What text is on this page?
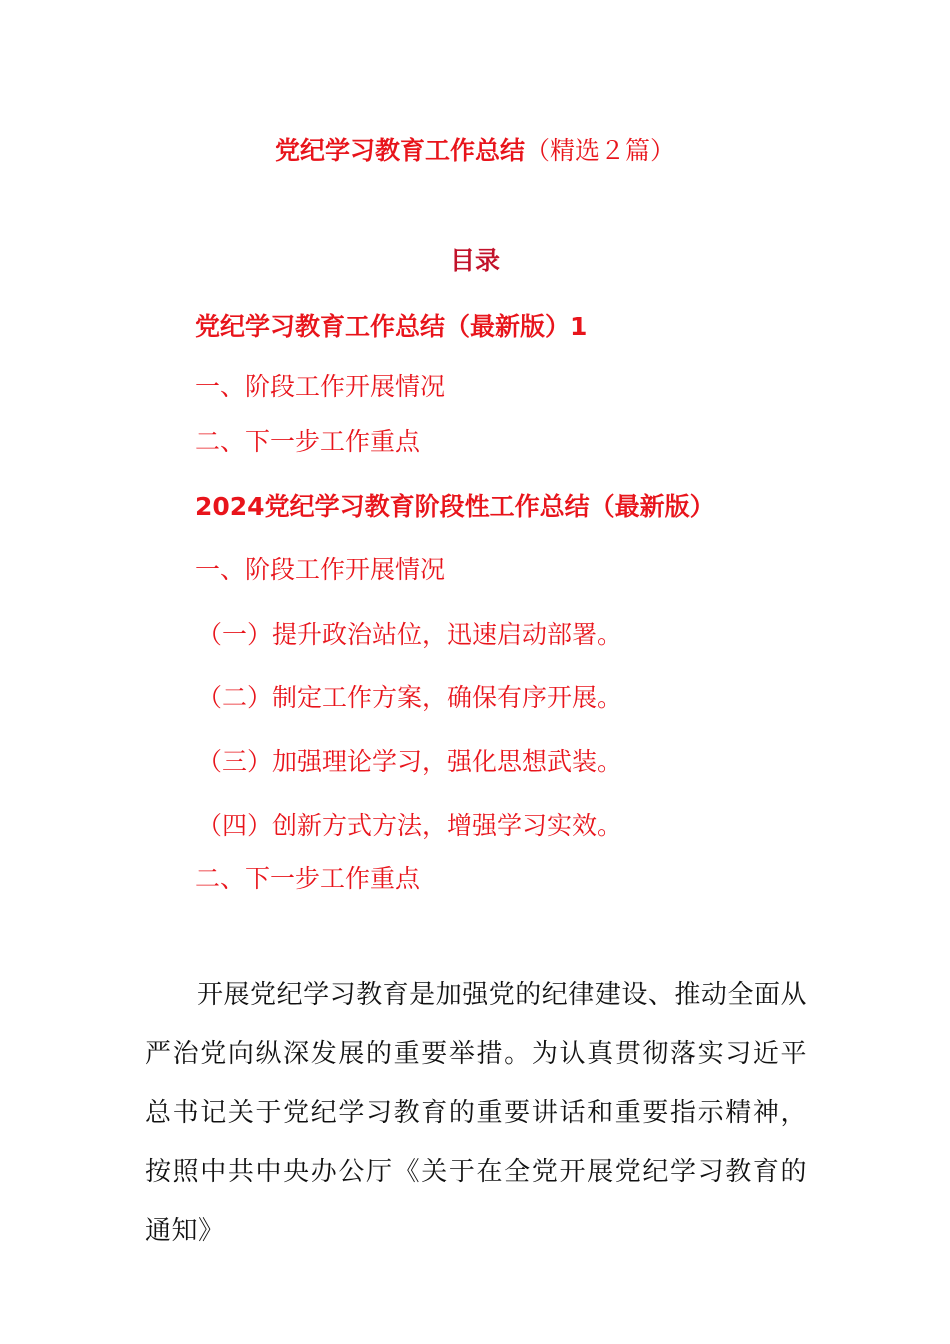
党纪学习教育工作总结（精选２篇）
目录
党纪学习教育工作总结（最新版）1
一、阶段工作开展情况
二、下一步工作重点
2024党纪学习教育阶段性工作总结（最新版）
一、阶段工作开展情况
（一）提升政治站位，迅速启动部署。
（二）制定工作方案，确保有序开展。
（三）加强理论学习，强化思想武装。
（四）创新方式方法，增强学习实效。
二、下一步工作重点
开展党纪学习教育是加强党的纪律建设、推动全面从严治党向纵深发展的重要举措。为认真贯彻落实习近平总书记关于党纪学习教育的重要讲话和重要指示精神，按照中共中央办公厅《关于在全党开展党纪学习教育的通知》
